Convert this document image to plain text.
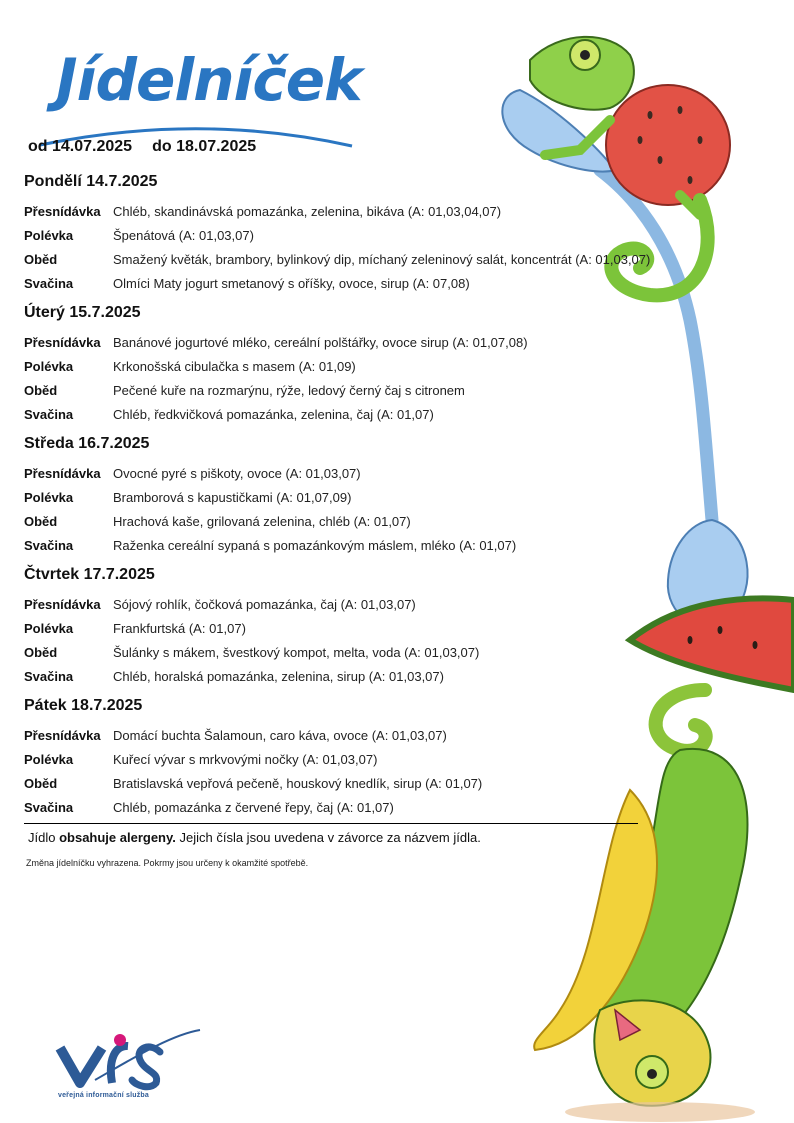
Jídelníček
od 14.07.2025 do 18.07.2025
Pondělí 14.7.2025
Přesnídávka Chléb, skandinávská pomazánka, zelenina, bikáva (A: 01,03,04,07)
Polévka	Špenátová (A: 01,03,07)
Oběd	Smažený květák, brambory, bylinkový dip, míchaný zeleninový salát, koncentrát (A: 01,03,07)
Svačina	Olmíci Maty jogurt smetanový s oříšky, ovoce, sirup (A: 07,08)
Úterý 15.7.2025
Přesnídávka Banánové jogurtové mléko, cereální polštářky, ovoce sirup (A: 01,07,08)
Polévka	Krkonošská cibulačka s masem (A: 01,09)
Oběd	Pečené kuře na rozmarýnu, rýže, ledový černý čaj s citronem
Svačina	Chléb, ředkvičková pomazánka, zelenina, čaj (A: 01,07)
Středa 16.7.2025
Přesnídávka Ovocné pyré s piškoty, ovoce (A: 01,03,07)
Polévka	Bramborová s kapustičkami (A: 01,07,09)
Oběd	Hrachová kaše, grilovaná zelenina, chléb (A: 01,07)
Svačina	Raženka cereální sypaná s pomazánkovým máslem, mléko (A: 01,07)
Čtvrtek 17.7.2025
Přesnídávka Sójový rohlík, čočková pomazánka, čaj (A: 01,03,07)
Polévka	Frankfurtská (A: 01,07)
Oběd	Šulánky s mákem, švestkový kompot, melta, voda (A: 01,03,07)
Svačina	Chléb, horalská pomazánka, zelenina, sirup (A: 01,03,07)
Pátek 18.7.2025
Přesnídávka Domácí buchta Šalamoun, caro káva, ovoce (A: 01,03,07)
Polévka	Kuřecí vývar s mrkvovými nočky (A: 01,03,07)
Oběd	Bratislavská vepřová pečeně, houskový knedlík, sirup (A: 01,07)
Svačina	Chléb, pomazánka z červené řepy, čaj (A: 01,07)
Jídlo obsahuje alergeny. Jejich čísla jsou uvedena v závorce za názvem jídla.
Změna jídelníčku vyhrazena. Pokrmy jsou určeny k okamžité spotřebě.
veřejná informační služba
